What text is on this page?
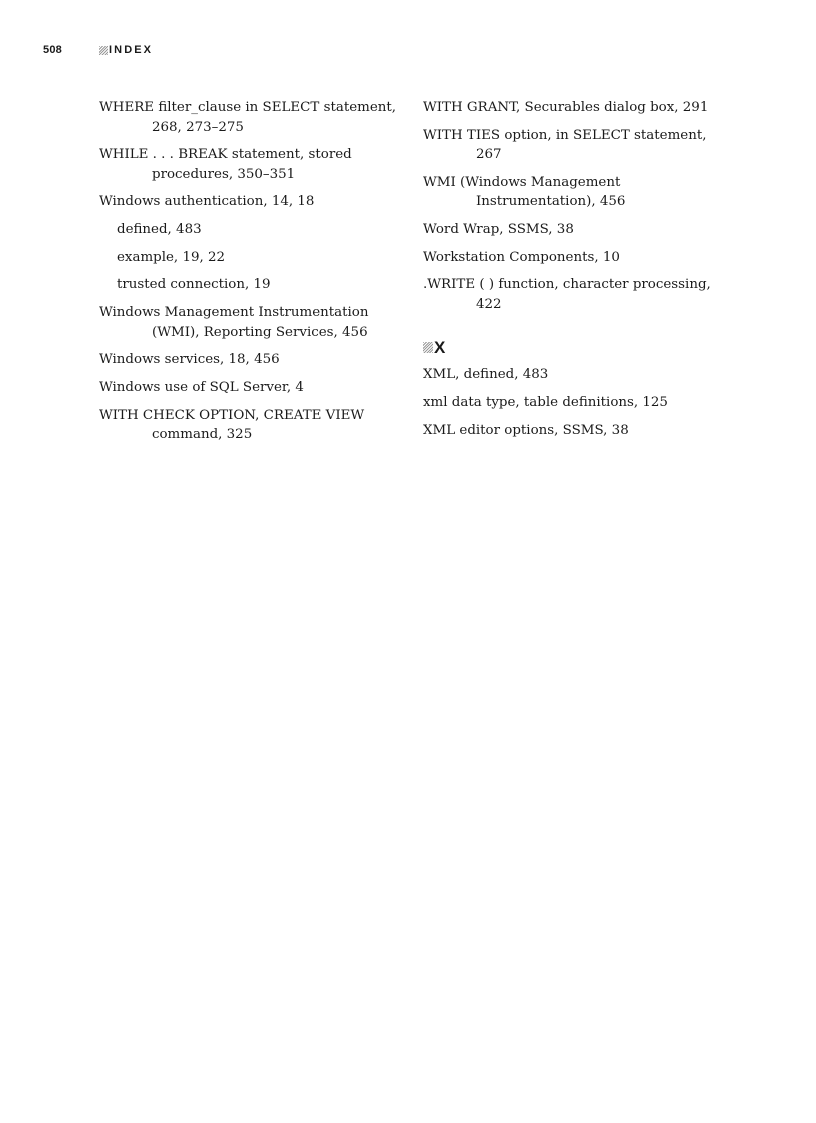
508	INDEX
WHERE filter_clause in SELECT statement, 268, 273–275
WHILE . . . BREAK statement, stored procedures, 350–351
Windows authentication, 14, 18
defined, 483
example, 19, 22
trusted connection, 19
Windows Management Instrumentation (WMI), Reporting Services, 456
Windows services, 18, 456
Windows use of SQL Server, 4
WITH CHECK OPTION, CREATE VIEW command, 325
WITH GRANT, Securables dialog box, 291
WITH TIES option, in SELECT statement, 267
WMI (Windows Management Instrumentation), 456
Word Wrap, SSMS, 38
Workstation Components, 10
.WRITE ( ) function, character processing, 422
X
XML, defined, 483
xml data type, table definitions, 125
XML editor options, SSMS, 38
